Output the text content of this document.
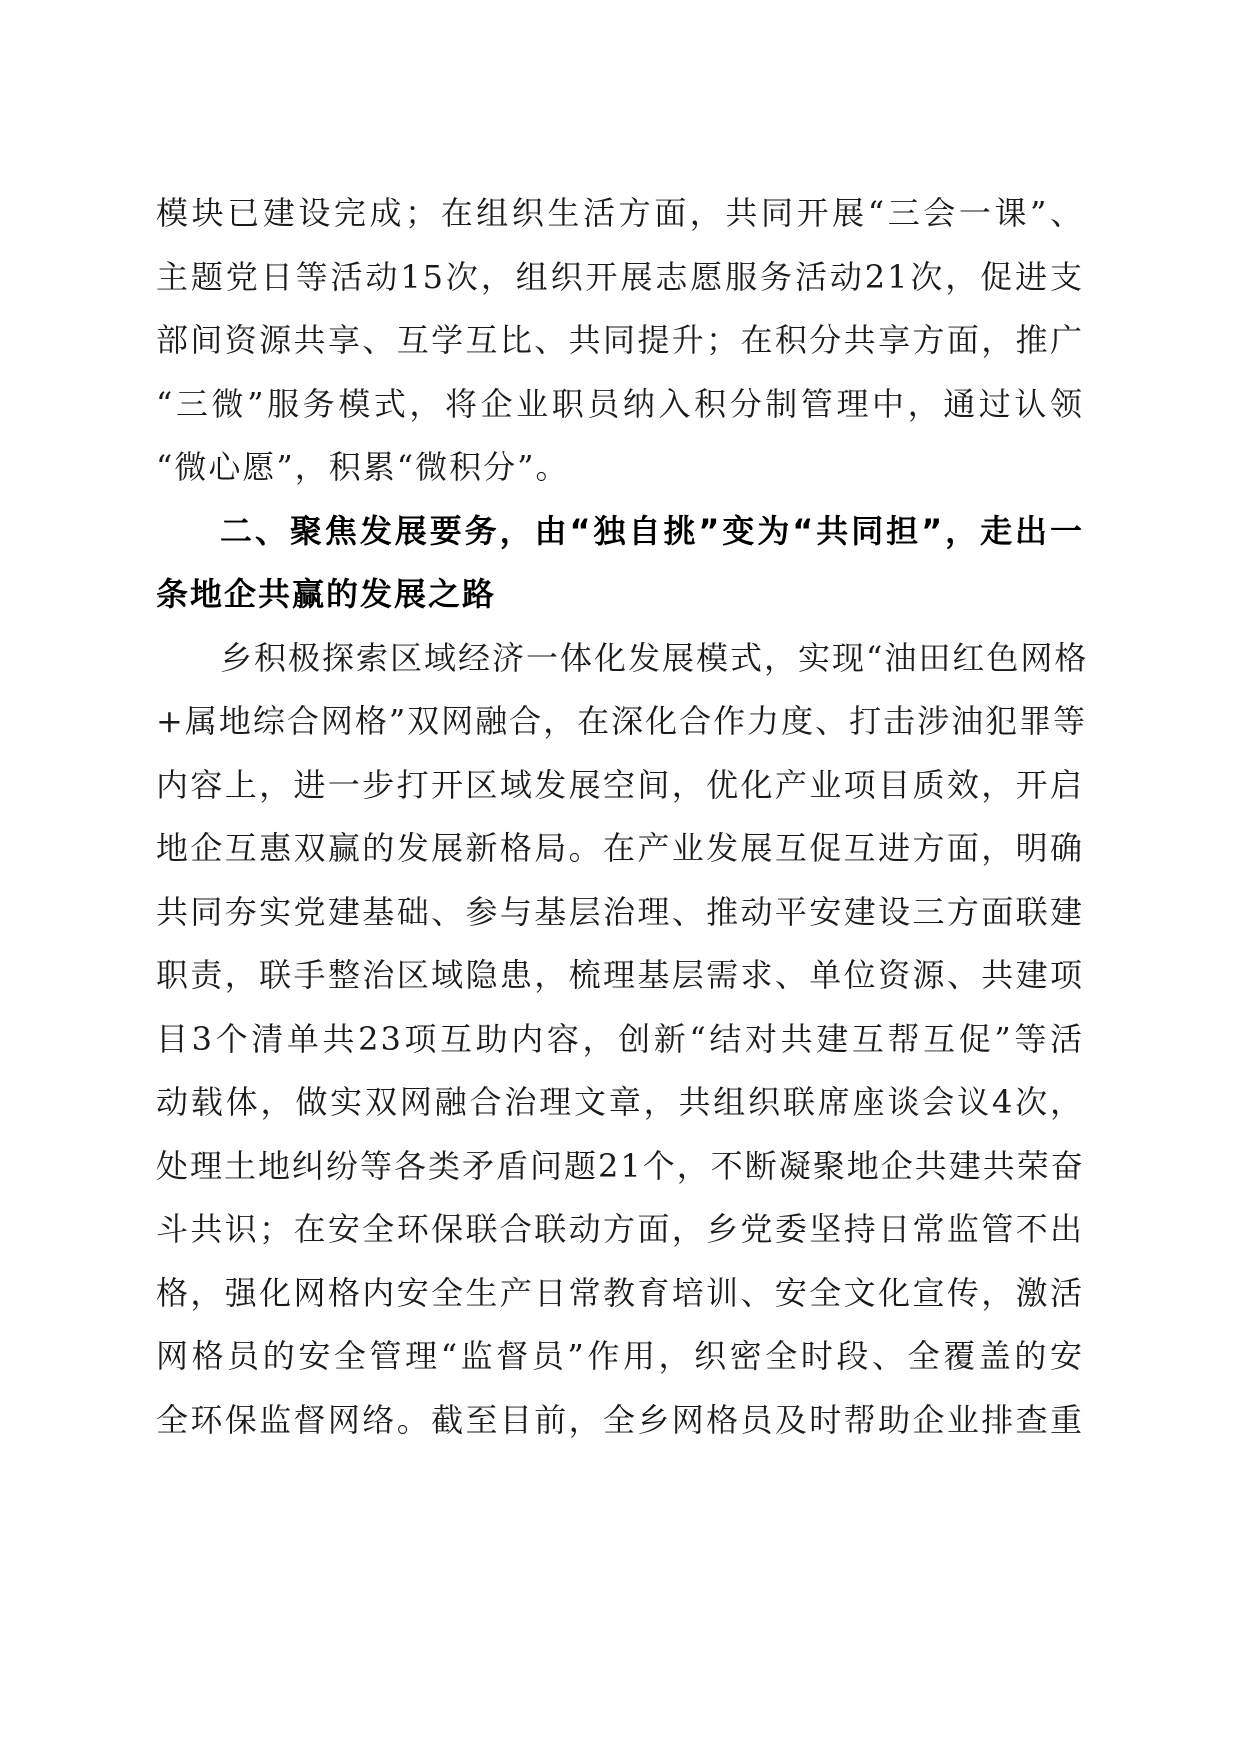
模块已建设完成；在组织生活方面，共同开展“三会一课”、
主题党日等活动15次，组织开展志愿服务活动21次，促进支
部间资源共享、互学互比、共同提升；在积分共享方面，推广
“三微”服务模式，将企业职员纳入积分制管理中，通过认领
“微心愿”，积累“微积分”。
二、聚焦发展要务，由“独自挑”变为“共同担”，走出一
条地企共赢的发展之路
乡积极探索区域经济一体化发展模式，实现“油田红色网格
+属地综合网格”双网融合，在深化合作力度、打击涉油犯罪等
内容上，进一步打开区域发展空间，优化产业项目质效，开启
地企互惠双赢的发展新格局。在产业发展互促互进方面，明确
共同夯实党建基础、参与基层治理、推动平安建设三方面联建
职责，联手整治区域隐患，梳理基层需求、单位资源、共建项
目3个清单共23项互助内容，创新“结对共建互帮互促”等活
动载体，做实双网融合治理文章，共组织联席座谈会议4次，
处理土地纠纷等各类矛盾问题21个，不断凝聚地企共建共荣奋
斗共识；在安全环保联合联动方面，乡党委坚持日常监管不出
格，强化网格内安全生产日常教育培训、安全文化宣传，激活
网格员的安全管理“监督员”作用，织密全时段、全覆盖的安
全环保监督网络。截至目前，全乡网格员及时帮助企业排查重
